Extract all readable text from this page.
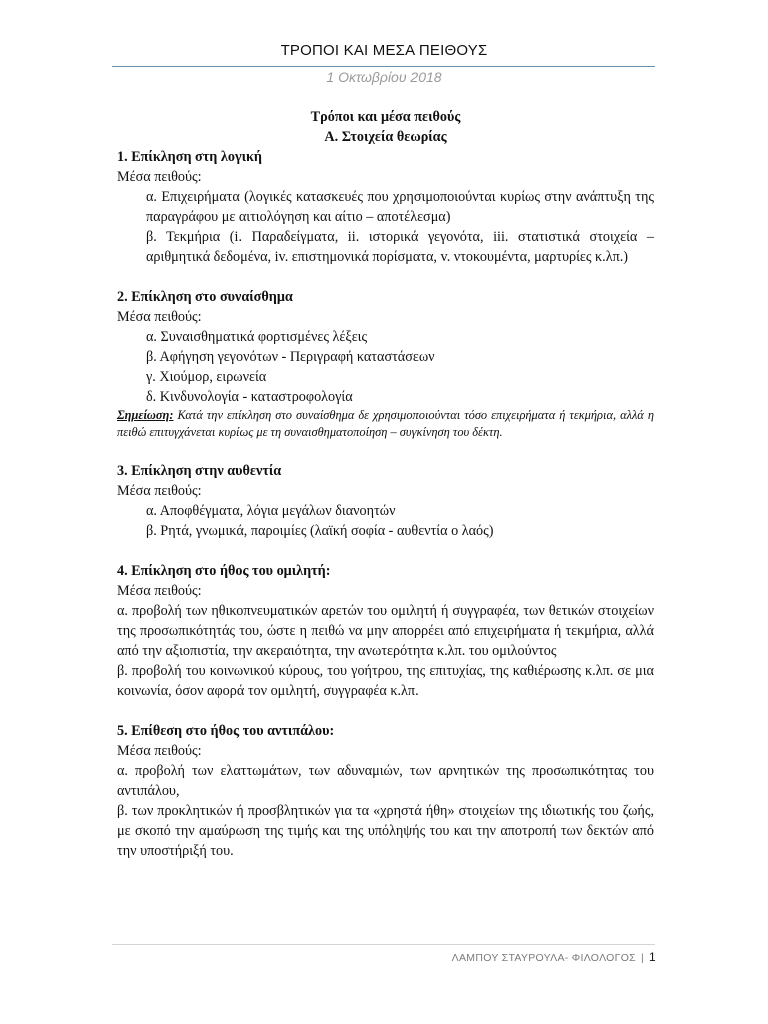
ΤΡΟΠΟΙ ΚΑΙ ΜΕΣΑ ΠΕΙΘΟΥΣ
1 Οκτωβρίου 2018

Τρόποι και μέσα πειθούς

Α. Στοιχεία θεωρίας

1. Επίκληση στη λογική

Μέσα πειθούς:

α. Επιχειρήματα (λογικές κατασκευές που χρησιμοποιούνται κυρίως στην ανάπτυξη της παραγράφου με αιτιολόγηση και αίτιο – αποτέλεσμα)

β. Τεκμήρια (i. Παραδείγματα, ii. ιστορικά γεγονότα, iii. στατιστικά στοιχεία – αριθμητικά δεδομένα, iv. επιστημονικά πορίσματα, v. ντοκουμέντα, μαρτυρίες κ.λπ.)

2. Επίκληση στο συναίσθημα

Μέσα πειθούς:

α. Συναισθηματικά φορτισμένες λέξεις

β. Αφήγηση γεγονότων - Περιγραφή καταστάσεων

γ. Χιούμορ, ειρωνεία

δ. Κινδυνολογία - καταστροφολογία

Σημείωση: Κατά την επίκληση στο συναίσθημα δε χρησιμοποιούνται τόσο επιχειρήματα ή τεκμήρια, αλλά η πειθώ επιτυγχάνεται κυρίως με τη συναισθηματοποίηση – συγκίνηση του δέκτη.

3. Επίκληση στην αυθεντία

Μέσα πειθούς:

α. Αποφθέγματα, λόγια μεγάλων διανοητών

β. Ρητά, γνωμικά, παροιμίες (λαϊκή σοφία - αυθεντία ο λαός)

4. Επίκληση στο ήθος του ομιλητή:

Μέσα πειθούς:

α. προβολή των ηθικοπνευματικών αρετών του ομιλητή ή συγγραφέα, των θετικών στοιχείων της προσωπικότητάς του, ώστε η πειθώ να μην απορρέει από επιχειρήματα ή τεκμήρια, αλλά από την αξιοπιστία, την ακεραιότητα, την ανωτερότητα κ.λπ. του ομιλούντος

β. προβολή του κοινωνικού κύρους, του γοήτρου, της επιτυχίας, της καθιέρωσης κ.λπ. σε μια κοινωνία, όσον αφορά τον ομιλητή, συγγραφέα κ.λπ.

5. Επίθεση στο ήθος του αντιπάλου:

Μέσα πειθούς:

α. προβολή των ελαττωμάτων, των αδυναμιών, των αρνητικών της προσωπικότητας του αντιπάλου,

β. των προκλητικών ή προσβλητικών για τα «χρηστά ήθη» στοιχείων της ιδιωτικής του ζωής, με σκοπό την αμαύρωση της τιμής και της υπόληψής του και την αποτροπή των δεκτών από την υποστήριξή του.

ΛΑΜΠΟΥ ΣΤΑΥΡΟΥΛΑ- ΦΙΛΟΛΟΓΟΣ | 1
